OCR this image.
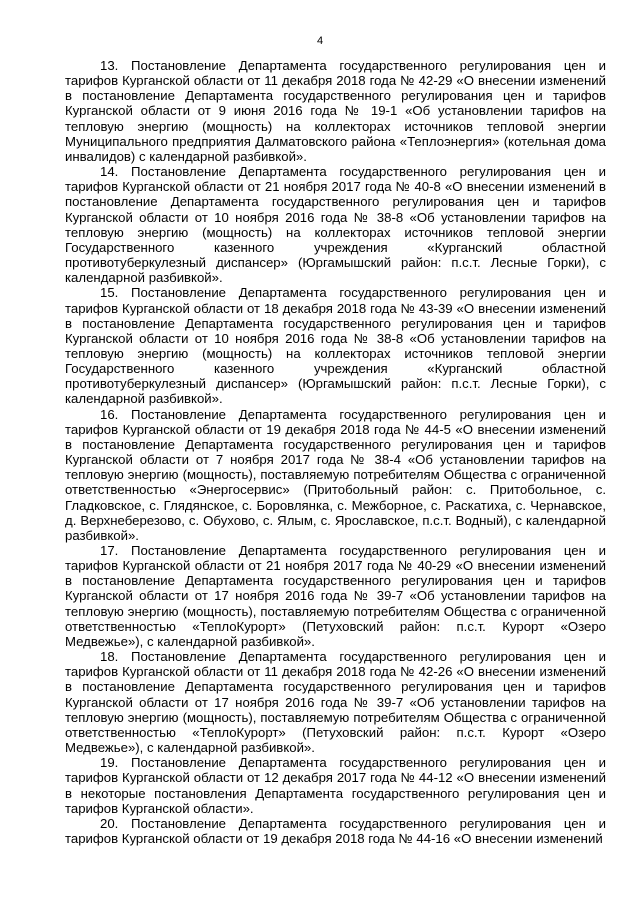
4

13. Постановление Департамента государственного регулирования цен и тарифов Курганской области от 11 декабря 2018 года № 42-29 «О внесении изменений в постановление Департамента государственного регулирования цен и тарифов Курганской области от 9 июня 2016 года № 19-1 «Об установлении тарифов на тепловую энергию (мощность) на коллекторах источников тепловой энергии Муниципального предприятия Далматовского района «Теплоэнергия» (котельная дома инвалидов) с календарной разбивкой».

14. Постановление Департамента государственного регулирования цен и тарифов Курганской области от 21 ноября 2017 года № 40-8 «О внесении изменений в постановление Департамента государственного регулирования цен и тарифов Курганской области от 10 ноября 2016 года № 38-8 «Об установлении тарифов на тепловую энергию (мощность) на коллекторах источников тепловой энергии Государственного казенного учреждения «Курганский областной противотуберкулезный диспансер» (Юргамышский район: п.с.т. Лесные Горки), с календарной разбивкой».

15. Постановление Департамента государственного регулирования цен и тарифов Курганской области от 18 декабря 2018 года № 43-39 «О внесении изменений в постановление Департамента государственного регулирования цен и тарифов Курганской области от 10 ноября 2016 года № 38-8 «Об установлении тарифов на тепловую энергию (мощность) на коллекторах источников тепловой энергии Государственного казенного учреждения «Курганский областной противотуберкулезный диспансер» (Юргамышский район: п.с.т. Лесные Горки), с календарной разбивкой».

16. Постановление Департамента государственного регулирования цен и тарифов Курганской области от 19 декабря 2018 года № 44-5 «О внесении изменений в постановление Департамента государственного регулирования цен и тарифов Курганской области от 7 ноября 2017 года № 38-4 «Об установлении тарифов на тепловую энергию (мощность), поставляемую потребителям Общества с ограниченной ответственностью «Энергосервис» (Притобольный район: с. Притобольное, с. Гладковское, с. Глядянское, с. Боровлянка, с. Межборное, с. Раскатиха, с. Чернавское, д. Верхнеберезово, с. Обухово, с. Ялым, с. Ярославское, п.с.т. Водный), с календарной разбивкой».

17. Постановление Департамента государственного регулирования цен и тарифов Курганской области от 21 ноября 2017 года № 40-29 «О внесении изменений в постановление Департамента государственного регулирования цен и тарифов Курганской области от 17 ноября 2016 года № 39-7 «Об установлении тарифов на тепловую энергию (мощность), поставляемую потребителям Общества с ограниченной ответственностью «ТеплоКурорт» (Петуховский район: п.с.т. Курорт «Озеро Медвежье»), с календарной разбивкой».

18. Постановление Департамента государственного регулирования цен и тарифов Курганской области от 11 декабря 2018 года № 42-26 «О внесении изменений в постановление Департамента государственного регулирования цен и тарифов Курганской области от 17 ноября 2016 года № 39-7 «Об установлении тарифов на тепловую энергию (мощность), поставляемую потребителям Общества с ограниченной ответственностью «ТеплоКурорт» (Петуховский район: п.с.т. Курорт «Озеро Медвежье»), с календарной разбивкой».

19. Постановление Департамента государственного регулирования цен и тарифов Курганской области от 12 декабря 2017 года № 44-12 «О внесении изменений в некоторые постановления Департамента государственного регулирования цен и тарифов Курганской области».

20. Постановление Департамента государственного регулирования цен и тарифов Курганской области от 19 декабря 2018 года № 44-16 «О внесении изменений
